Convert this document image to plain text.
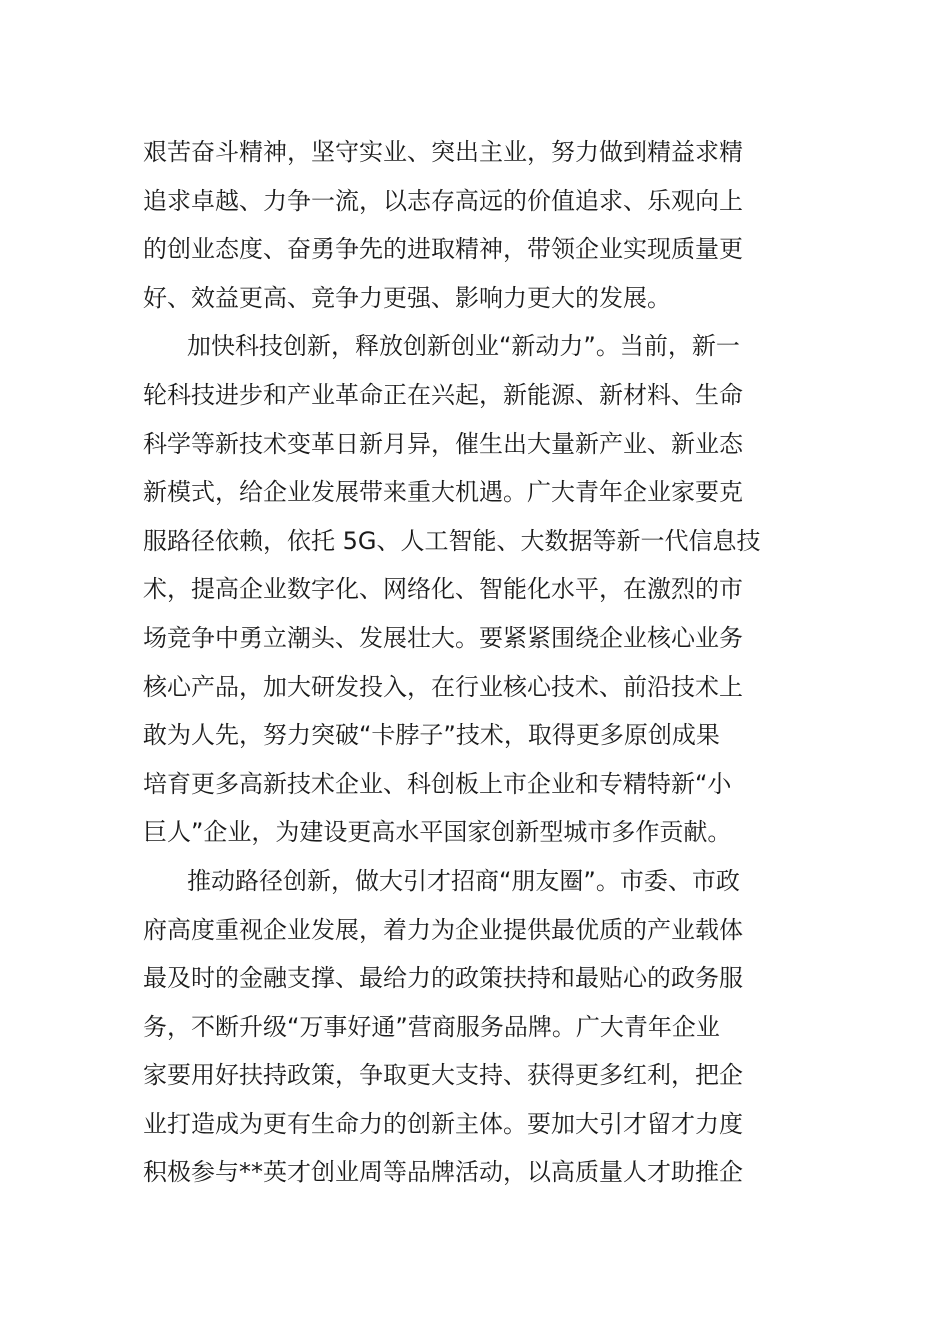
艰苦奋斗精神，坚守实业、突出主业，努力做到精益求精
追求卓越、力争一流，以志存高远的价值追求、乐观向上
的创业态度、奋勇争先的进取精神，带领企业实现质量更
好、效益更高、竞争力更强、影响力更大的发展。
加快科技创新，释放创新创业“新动力”。当前，新一
轮科技进步和产业革命正在兴起，新能源、新材料、生命
科学等新技术变革日新月异，催生出大量新产业、新业态
新模式，给企业发展带来重大机遇。广大青年企业家要克
服路径依赖，依托 5G、人工智能、大数据等新一代信息技
术，提高企业数字化、网络化、智能化水平，在激烈的市
场竞争中勇立潮头、发展壮大。要紧紧围绕企业核心业务
核心产品，加大研发投入，在行业核心技术、前沿技术上
敢为人先，努力突破“卡脖子”技术，取得更多原创成果
培育更多高新技术企业、科创板上市企业和专精特新“小
巨人”企业，为建设更高水平国家创新型城市多作贡献。
推动路径创新，做大引才招商“朋友圈”。市委、市政
府高度重视企业发展，着力为企业提供最优质的产业载体
最及时的金融支撑、最给力的政策扶持和最贴心的政务服
务，不断升级“万事好通”营商服务品牌。广大青年企业
家要用好扶持政策，争取更大支持、获得更多红利，把企
业打造成为更有生命力的创新主体。要加大引才留才力度
积极参与**英才创业周等品牌活动，以高质量人才助推企
